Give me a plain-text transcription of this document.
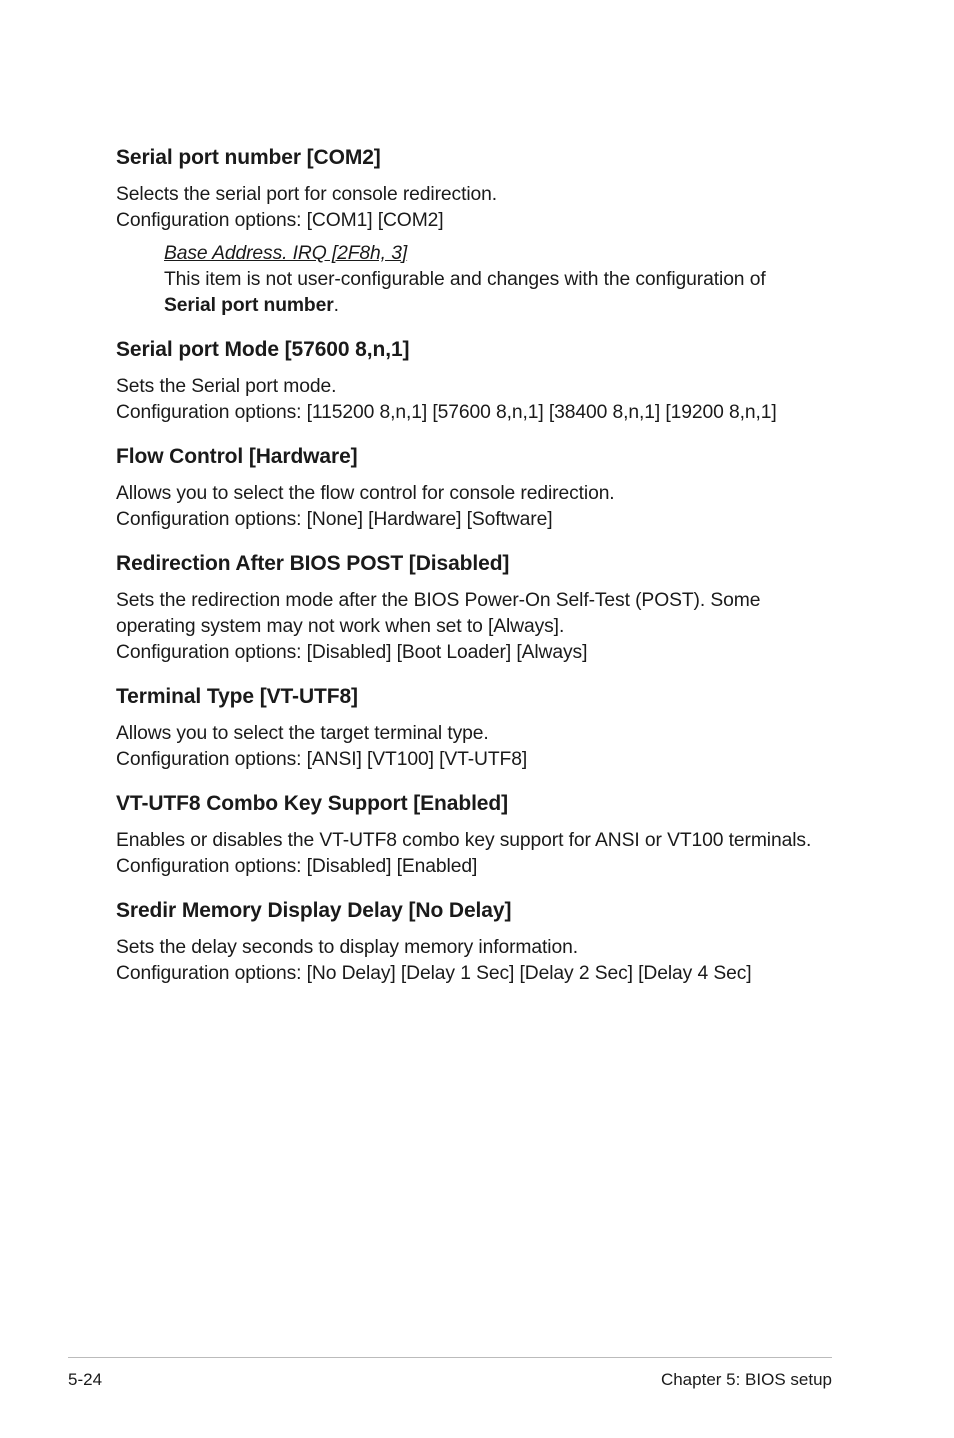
Serial port number [COM2]

Selects the serial port for console redirection.

Configuration options: [COM1] [COM2]

Base Address. IRQ [2F8h, 3]
This item is not user-configurable and changes with the configuration of
Serial port number.
Serial port Mode [57600 8,n,1]

Sets the Serial port mode.

Configuration options: [115200 8,n,1] [57600 8,n,1] [38400 8,n,1] [19200 8,n,1]

Flow Control [Hardware]

Allows you to select the flow control for console redirection.

Configuration options: [None] [Hardware] [Software]

Redirection After BIOS POST [Disabled]

Sets the redirection mode after the BIOS Power-On Self-Test (POST). Some

operating system may not work when set to [Always].

Configuration options: [Disabled] [Boot Loader] [Always]

Terminal Type [VT-UTF8]

Allows you to select the target terminal type.

Configuration options: [ANSI] [VT100] [VT-UTF8]

VT-UTF8 Combo Key Support [Enabled]

Enables or disables the VT-UTF8 combo key support for ANSI or VT100 terminals.

Configuration options: [Disabled] [Enabled]

Sredir Memory Display Delay [No Delay]

Sets the delay seconds to display memory information.

Configuration options: [No Delay] [Delay 1 Sec] [Delay 2 Sec] [Delay 4 Sec]

5-24	Chapter 5: BIOS setup
